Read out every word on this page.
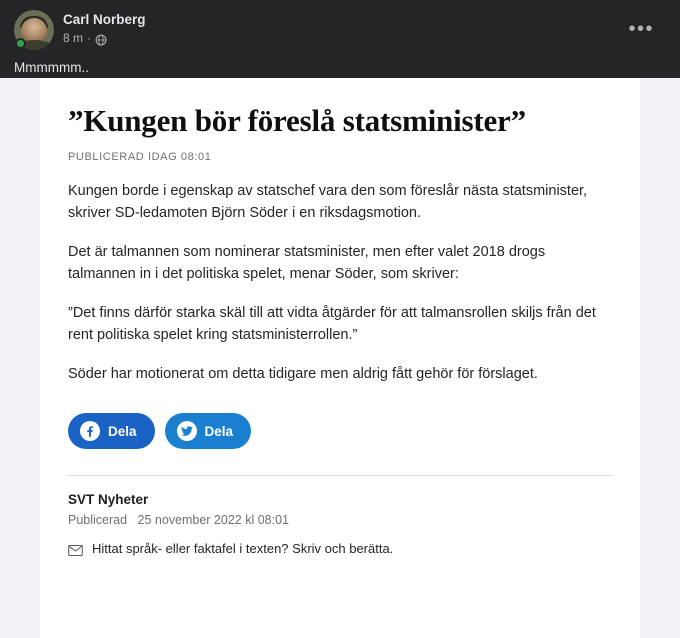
Carl Norberg
8 m ·
Mmmmmm..
•••
”Kungen bör föreslå statsminister”
PUBLICERAD IDAG 08:01

Kungen borde i egenskap av statschef vara den som föreslår nästa statsminister, skriver SD-ledamoten Björn Söder i en riksdagsmotion.

Det är talmannen som nominerar statsminister, men efter valet 2018 drogs talmannen in i det politiska spelet, menar Söder, som skriver:

”Det finns därför starka skäl till att vidta åtgärder för att talmansrollen skiljs från det rent politiska spelet kring statsministerrollen.”

Söder har motionerat om detta tidigare men aldrig fått gehör för förslaget.

Dela	Dela
SVT Nyheter
Publicerad 25 november 2022 kl 08:01
Hittat språk- eller faktafel i texten? Skriv och berätta.
